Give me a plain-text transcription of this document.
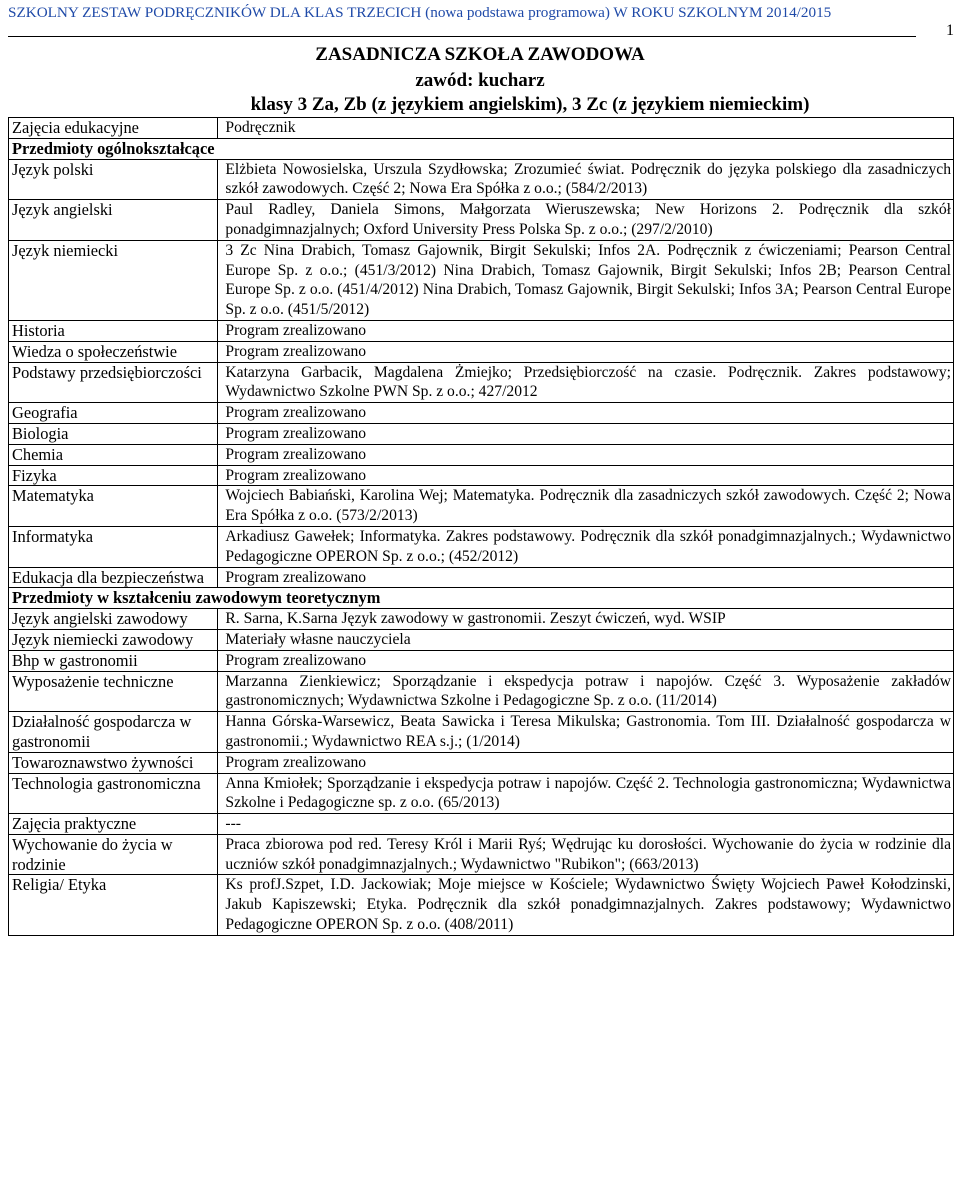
SZKOLNY ZESTAW PODRĘCZNIKÓW DLA KLAS TRZECICH (nowa podstawa programowa) W ROKU SZKOLNYM 2014/2015
1
ZASADNICZA SZKOŁA ZAWODOWA
zawód: kucharz
klasy 3 Za, Zb (z językiem angielskim), 3 Zc (z językiem niemieckim)
Zajęcia edukacyjne	Podręcznik
Przedmioty ogólnokształcące	
Język polski	Elżbieta Nowosielska, Urszula Szydłowska; Zrozumieć świat. Podręcznik do języka polskiego dla zasadniczych szkół zawodowych. Część 2; Nowa Era Spółka z o.o.; (584/2/2013)
Język angielski	Paul Radley, Daniela Simons, Małgorzata Wieruszewska; New Horizons 2. Podręcznik dla szkół ponadgimnazjalnych; Oxford University Press Polska Sp. z o.o.; (297/2/2010)
Język niemiecki	3 Zc Nina Drabich, Tomasz Gajownik, Birgit Sekulski; Infos 2A. Podręcznik z ćwiczeniami; Pearson Central Europe Sp. z o.o.; (451/3/2012) Nina Drabich, Tomasz Gajownik, Birgit Sekulski; Infos 2B; Pearson Central Europe Sp. z o.o. (451/4/2012) Nina Drabich, Tomasz Gajownik, Birgit Sekulski; Infos 3A; Pearson Central Europe Sp. z o.o. (451/5/2012)
Historia	Program zrealizowano
Wiedza o społeczeństwie	Program zrealizowano
Podstawy przedsiębiorczości	Katarzyna Garbacik, Magdalena Żmiejko; Przedsiębiorczość na czasie. Podręcznik. Zakres podstawowy; Wydawnictwo Szkolne PWN Sp. z o.o.; 427/2012
Geografia	Program zrealizowano
Biologia	Program zrealizowano
Chemia	Program zrealizowano
Fizyka	Program zrealizowano
Matematyka	Wojciech Babiański, Karolina Wej; Matematyka. Podręcznik dla zasadniczych szkół zawodowych. Część 2; Nowa Era Spółka z o.o. (573/2/2013)
Informatyka	Arkadiusz Gawełek; Informatyka. Zakres podstawowy. Podręcznik dla szkół ponadgimnazjalnych.; Wydawnictwo Pedagogiczne OPERON Sp. z o.o.; (452/2012)
Edukacja dla bezpieczeństwa	Program zrealizowano
Przedmioty w kształceniu zawodowym teoretycznym	
Język angielski zawodowy	R. Sarna, K.Sarna Język zawodowy w gastronomii. Zeszyt ćwiczeń, wyd. WSIP
Język niemiecki zawodowy	Materiały własne nauczyciela
Bhp w gastronomii	Program zrealizowano
Wyposażenie techniczne	Marzanna Zienkiewicz; Sporządzanie i ekspedycja potraw i napojów. Część 3. Wyposażenie zakładów gastronomicznych; Wydawnictwa Szkolne i Pedagogiczne Sp. z o.o. (11/2014)
Działalność gospodarcza w gastronomii	Hanna Górska-Warsewicz, Beata Sawicka i Teresa Mikulska; Gastronomia. Tom III. Działalność gospodarcza w gastronomii.; Wydawnictwo REA s.j.; (1/2014)
Towaroznawstwo żywności	Program zrealizowano
Technologia gastronomiczna	Anna Kmiołek; Sporządzanie i ekspedycja potraw i napojów. Część 2. Technologia gastronomiczna; Wydawnictwa Szkolne i Pedagogiczne sp. z o.o. (65/2013)
Zajęcia praktyczne	---
Wychowanie do życia w rodzinie	Praca zbiorowa pod red. Teresy Król i Marii Ryś; Wędrując ku dorosłości. Wychowanie do życia w rodzinie dla uczniów szkół ponadgimnazjalnych.; Wydawnictwo "Rubikon"; (663/2013)
Religia/ Etyka	Ks profJ.Szpet, I.D. Jackowiak; Moje miejsce w Kościele; Wydawnictwo Święty Wojciech Paweł Kołodzinski, Jakub Kapiszewski; Etyka. Podręcznik dla szkół ponadgimnazjalnych. Zakres podstawowy; Wydawnictwo Pedagogiczne OPERON Sp. z o.o. (408/2011)
